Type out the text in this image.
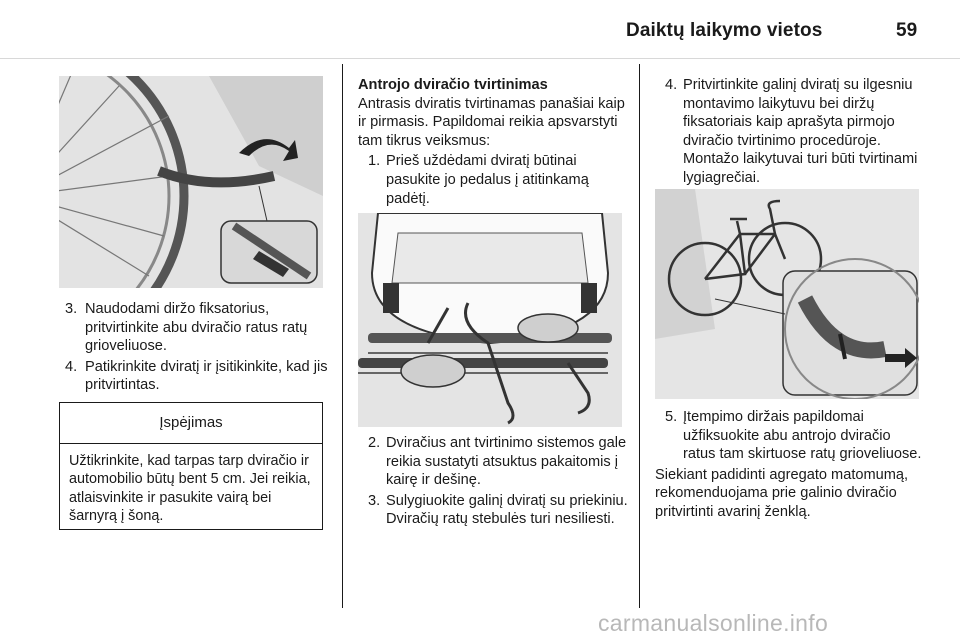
Daiktų laikymo vietos	59

3. Naudodami diržo fiksatorius, pritvirtinkite abu dviračio ratus ratų grioveliuose.

4. Patikrinkite dviratį ir įsitikinkite, kad jis pritvirtintas.

Įspėjimas
Užtikrinkite, kad tarpas tarp dviračio ir automobilio būtų bent 5 cm. Jei reikia, atlaisvinkite ir pasukite vairą bei šarnyrą į šoną.

Antrojo dviračio tvirtinimas

Antrasis dviratis tvirtinamas panašiai kaip ir pirmasis. Papildomai reikia apsvarstyti tam tikrus veiksmus:

1. Prieš uždėdami dviratį būtinai pasukite jo pedalus į atitinkamą padėtį.

2. Dviračius ant tvirtinimo sistemos gale reikia sustatyti atsuktus pakaitomis į kairę ir dešinę.

3. Sulygiuokite galinį dviratį su priekiniu. Dviračių ratų stebulės turi nesiliesti.

4. Pritvirtinkite galinį dviratį su ilgesniu montavimo laikytuvu bei diržų fiksatoriais kaip aprašyta pirmojo dviračio tvirtinimo procedūroje. Montažo laikytuvai turi būti tvirtinami lygiagrečiai.

5. Įtempimo diržais papildomai užfiksuokite abu antrojo dviračio ratus tam skirtuose ratų grioveliuose.

Siekiant padidinti agregato matomumą, rekomenduojama prie galinio dviračio pritvirtinti avarinį ženklą.

carmanualsonline.info
